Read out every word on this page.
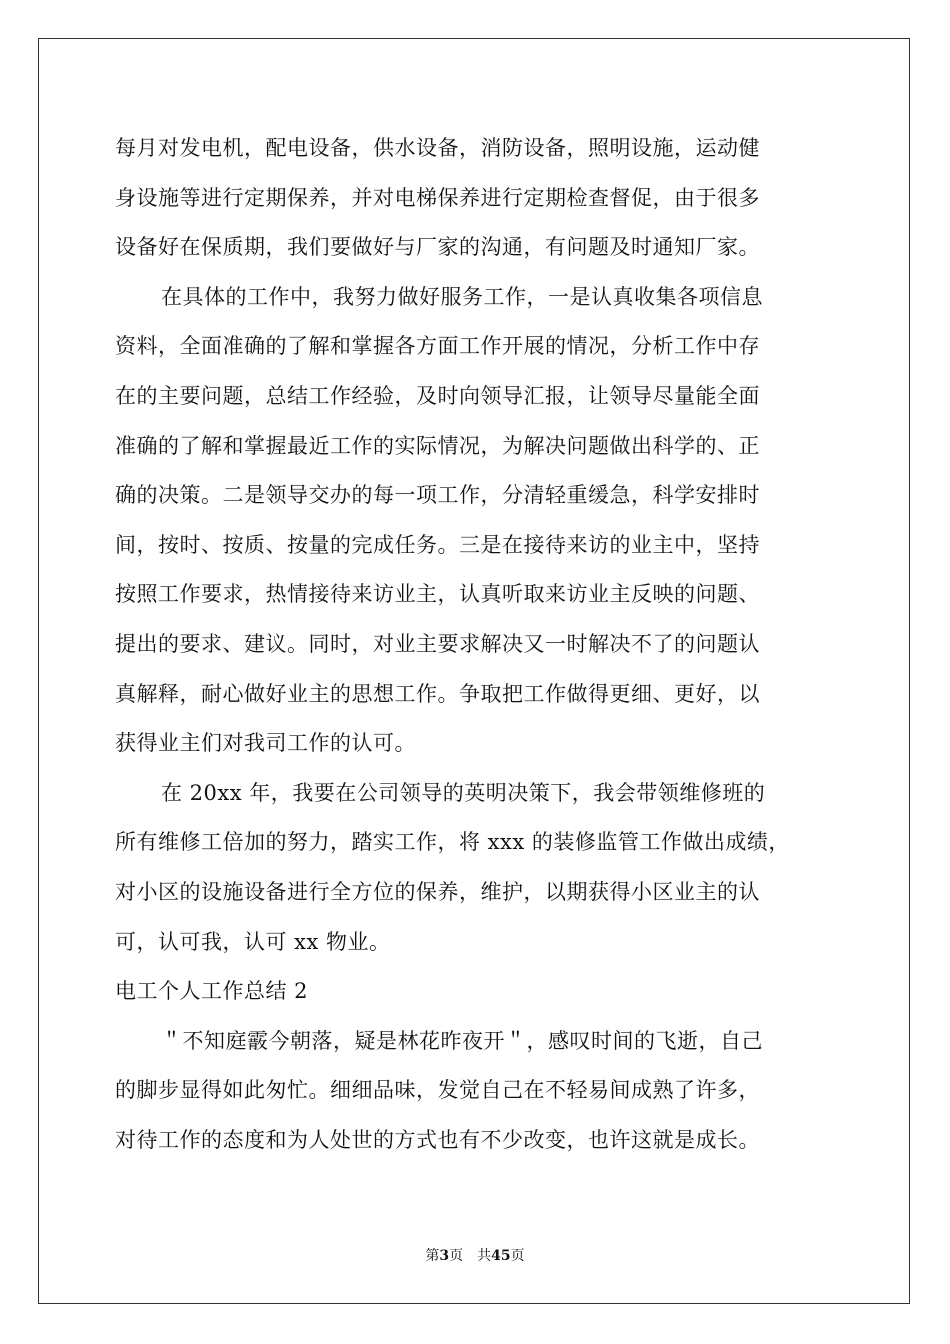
每月对发电机，配电设备，供水设备，消防设备，照明设施，运动健
身设施等进行定期保养，并对电梯保养进行定期检查督促，由于很多
设备好在保质期，我们要做好与厂家的沟通，有问题及时通知厂家。
在具体的工作中，我努力做好服务工作，一是认真收集各项信息
资料，全面准确的了解和掌握各方面工作开展的情况，分析工作中存
在的主要问题，总结工作经验，及时向领导汇报，让领导尽量能全面
准确的了解和掌握最近工作的实际情况，为解决问题做出科学的、正
确的决策。二是领导交办的每一项工作，分清轻重缓急，科学安排时
间，按时、按质、按量的完成任务。三是在接待来访的业主中，坚持
按照工作要求，热情接待来访业主，认真听取来访业主反映的问题、
提出的要求、建议。同时，对业主要求解决又一时解决不了的问题认
真解释，耐心做好业主的思想工作。争取把工作做得更细、更好，以
获得业主们对我司工作的认可。
在 20xx 年，我要在公司领导的英明决策下，我会带领维修班的
所有维修工倍加的努力，踏实工作，将 xxx 的装修监管工作做出成绩，
对小区的设施设备进行全方位的保养，维护，以期获得小区业主的认
可，认可我，认可 xx 物业。
电工个人工作总结 2
＂不知庭霰今朝落，疑是林花昨夜开＂，感叹时间的飞逝，自己
的脚步显得如此匆忙。细细品味，发觉自己在不轻易间成熟了许多，
对待工作的态度和为人处世的方式也有不少改变，也许这就是成长。
第3页　共45页
